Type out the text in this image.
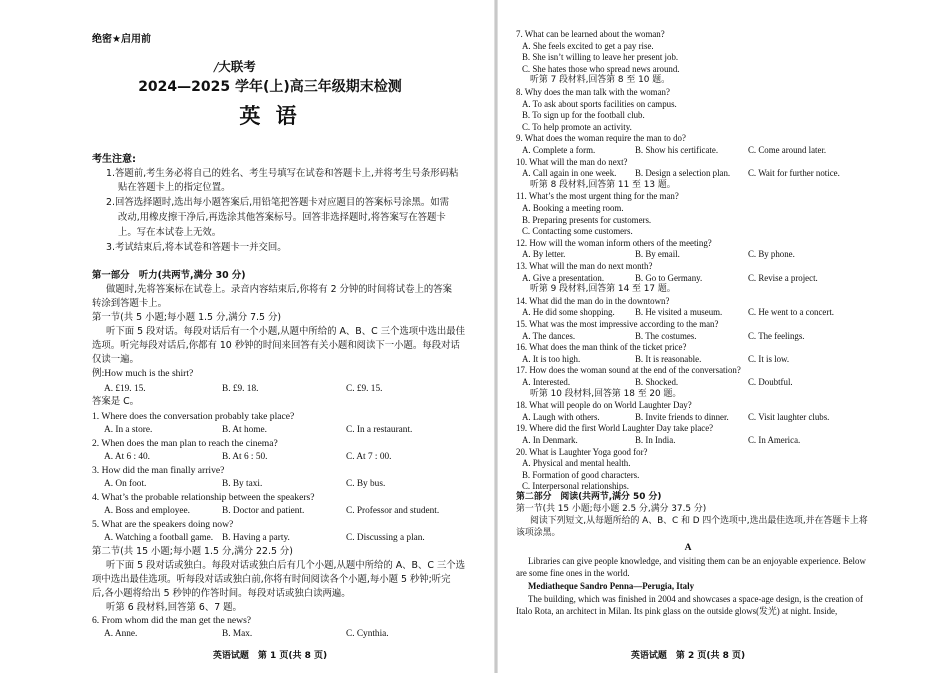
绝密★启用前
/大联考
2024—2025 学年(上)高三年级期末检测
英 语
考生注意:
1.答题前,考生务必将自己的姓名、考生号填写在试卷和答题卡上,并将考生号条形码粘
贴在答题卡上的指定位置。
2.回答选择题时,选出每小题答案后,用铅笔把答题卡对应题目的答案标号涂黑。如需
改动,用橡皮擦干净后,再选涂其他答案标号。回答非选择题时,将答案写在答题卡
上。写在本试卷上无效。
3.考试结束后,将本试卷和答题卡一并交回。
第一部分　听力(共两节,满分 30 分)
做题时,先将答案标在试卷上。录音内容结束后,你将有 2 分钟的时间将试卷上的答案
转涂到答题卡上。
第一节(共 5 小题;每小题 1.5 分,满分 7.5 分)
听下面 5 段对话。每段对话后有一个小题,从题中所给的 A、B、C 三个选项中选出最佳
选项。听完每段对话后,你都有 10 秒钟的时间来回答有关小题和阅读下一小题。每段对话
仅读一遍。
例:How much is the shirt?
A. £19. 15.	B. £9. 18.	C. £9. 15.
答案是 C。
1. Where does the conversation probably take place?
A. In a store.	B. At home.	C. In a restaurant.
2. When does the man plan to reach the cinema?
A. At 6 : 40.	B. At 6 : 50.	C. At 7 : 00.
3. How did the man finally arrive?
A. On foot.	B. By taxi.	C. By bus.
4. What’s the probable relationship between the speakers?
A. Boss and employee.	B. Doctor and patient.	C. Professor and student.
5. What are the speakers doing now?
A. Watching a football game. B. Having a party.	C. Discussing a plan.
第二节(共 15 小题;每小题 1.5 分,满分 22.5 分)
听下面 5 段对话或独白。每段对话或独白后有几个小题,从题中所给的 A、B、C 三个选
项中选出最佳选项。听每段对话或独白前,你将有时间阅读各个小题,每小题 5 秒钟;听完
后,各小题将给出 5 秒钟的作答时间。每段对话或独白读两遍。
听第 6 段材料,回答第 6、7 题。
6. From whom did the man get the news?
A. Anne.	B. Max.	C. Cynthia.
英语试题　第 1 页(共 8 页)
7. What can be learned about the woman?
A. She feels excited to get a pay rise.
B. She isn’t willing to leave her present job.
C. She hates those who spread news around.
听第 7 段材料,回答第 8 至 10 题。
8. Why does the man talk with the woman?
A. To ask about sports facilities on campus.
B. To sign up for the football club.
C. To help promote an activity.
9. What does the woman require the man to do?
A. Complete a form.	B. Show his certificate.	C. Come around later.
10. What will the man do next?
A. Call again in one week. B. Design a selection plan. C. Wait for further notice.
听第 8 段材料,回答第 11 至 13 题。
11. What’s the most urgent thing for the man?
A. Booking a meeting room.
B. Preparing presents for customers.
C. Contacting some customers.
12. How will the woman inform others of the meeting?
A. By letter.	B. By email.	C. By phone.
13. What will the man do next month?
A. Give a presentation.	B. Go to Germany.	C. Revise a project.
听第 9 段材料,回答第 14 至 17 题。
14. What did the man do in the downtown?
A. He did some shopping. B. He visited a museum.	C. He went to a concert.
15. What was the most impressive according to the man?
A. The dances.	B. The costumes.	C. The feelings.
16. What does the man think of the ticket price?
A. It is too high.	B. It is reasonable.	C. It is low.
17. How does the woman sound at the end of the conversation?
A. Interested.	B. Shocked.	C. Doubtful.
听第 10 段材料,回答第 18 至 20 题。
18. What will people do on World Laughter Day?
A. Laugh with others.	B. Invite friends to dinner. C. Visit laughter clubs.
19. Where did the first World Laughter Day take place?
A. In Denmark.	B. In India.	C. In America.
20. What is Laughter Yoga good for?
A. Physical and mental health.
B. Formation of good characters.
C. Interpersonal relationships.
第二部分　阅读(共两节,满分 50 分)
第一节(共 15 小题;每小题 2.5 分,满分 37.5 分)
阅读下列短文,从每题所给的 A、B、C 和 D 四个选项中,选出最佳选项,并在答题卡上将
该项涂黑。
A
Libraries can give people knowledge, and visiting them can be an enjoyable experience. Below
are some fine ones in the world.
Mediatheque Sandro Penna—Perugia, Italy
The building, which was finished in 2004 and showcases a space-age design, is the creation of
Italo Rota, an architect in Milan. Its pink glass on the outside glows(发光) at night. Inside,
英语试题　第 2 页(共 8 页)
